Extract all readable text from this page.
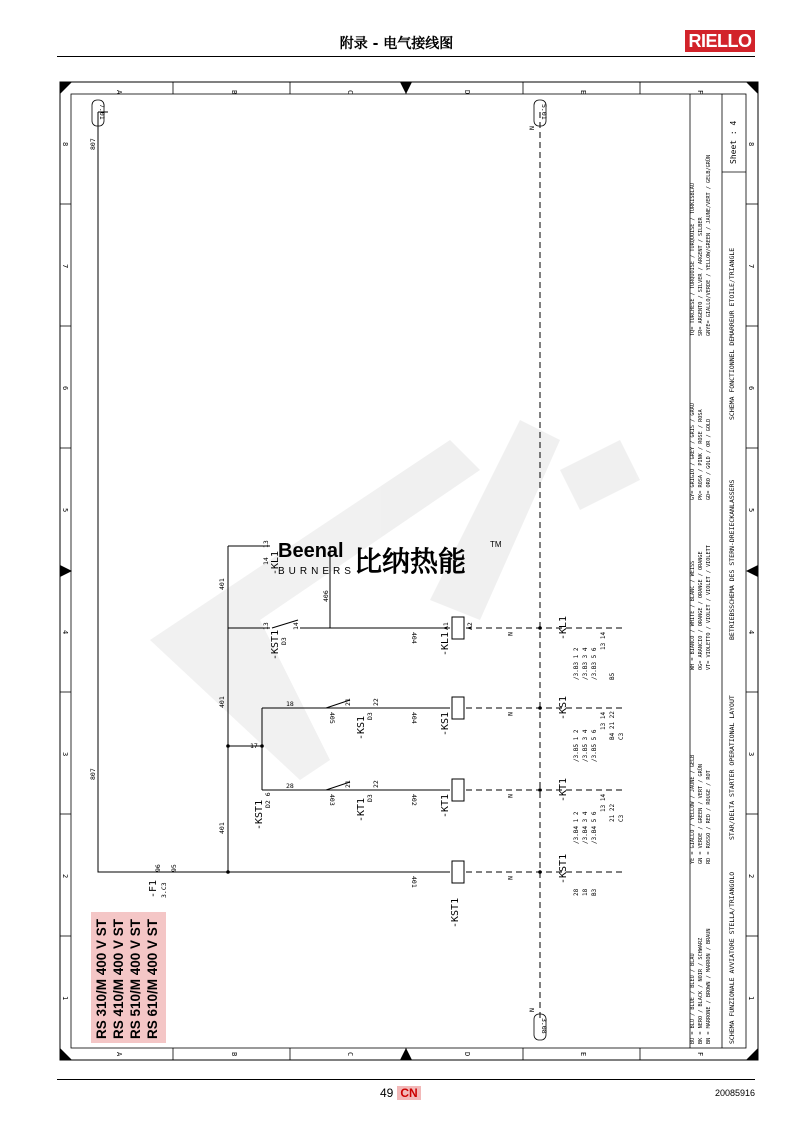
附录 - 电气接线图	RIELLO
49 CN	20085916
A	B	C	D	E	F
A	B	C	D	E	F
8
7
6
5
4
3
2
1
8
7
6
5
4
3
2
1
7.01	5.01
3.08
807
807
401
401
401
406
404
405	404
403	402
401
N
N
N
N
N
N
13
14
13	14
D3
18
17
28
21	22
D3
21	22
D3
D2 6
96 95
A1 A2
3.C3
-KL1
-KST1
-KST1
-F1
-KS1
-KT1
-KL1
-KS1
-KT1
-KST1
-KL1
-KS1
-KT1
-KST1
/3.B3 1 2 /3.B3 3 4 /3.B3 5 6
13 14
B5
/3.B5 1 2 /3.B5 3 4 /3.B5 5 6
13 14 B4 21 22 C3
/3.B4 1 2 /3.B4 3 4 /3.B4 5 6
13 14
21 22 C3
28 18 B3
BU = BLU / BLUE / BLEU / BLAU BK = NERO / BLACK / NOIR / SCHWARZ BN = MARRONE / BROWN / MARRON / BRAUN
YE = GIALLO / YELLOW / JAUNE / GELB GN = VERDE / GREEN / VERT / GRÜN RD = ROSSO / RED / ROUGE / ROT
WH = BIANCO / WHITE / BLANC / WEISS OG= ARANCIO / ORANGE / ORANGE / ORANGE VT= VIOLETTO / VIOLET / VIOLET / VIOLETT
GY= GRIGIO / GREY / GRIS / GRAU PK= ROSA / PINK / ROSE / ROSA GD= ORO / GOLD / OR / GOLD
TQ= TURCHESE / TURQUOISE / TURQUOISE / TURKISBLAU SR= ARGENTO / SILVER / ARGENT / SILBER GNYE= GIALLO/VERDE / YELLOW/GREEN / JAUNE/VERT / GELB/GRÜN
SCHEMA FUNZIONALE AVVIATORE STELLA/TRIANGOLO
STAR/DELTA STARTER OPERATIONAL LAYOUT
BETRIEBSSCHEMA DES STERN-DREIECKANLASSERS
SCHEMA FONCTIONNEL DEMARREUR ETOILE/TRIANGLE
Sheet : 4
Beenal
BURNERS 比纳热能
TM
RS 310/M 400 V ST RS 410/M 400 V ST RS 510/M 400 V ST RS 610/M 400 V ST
